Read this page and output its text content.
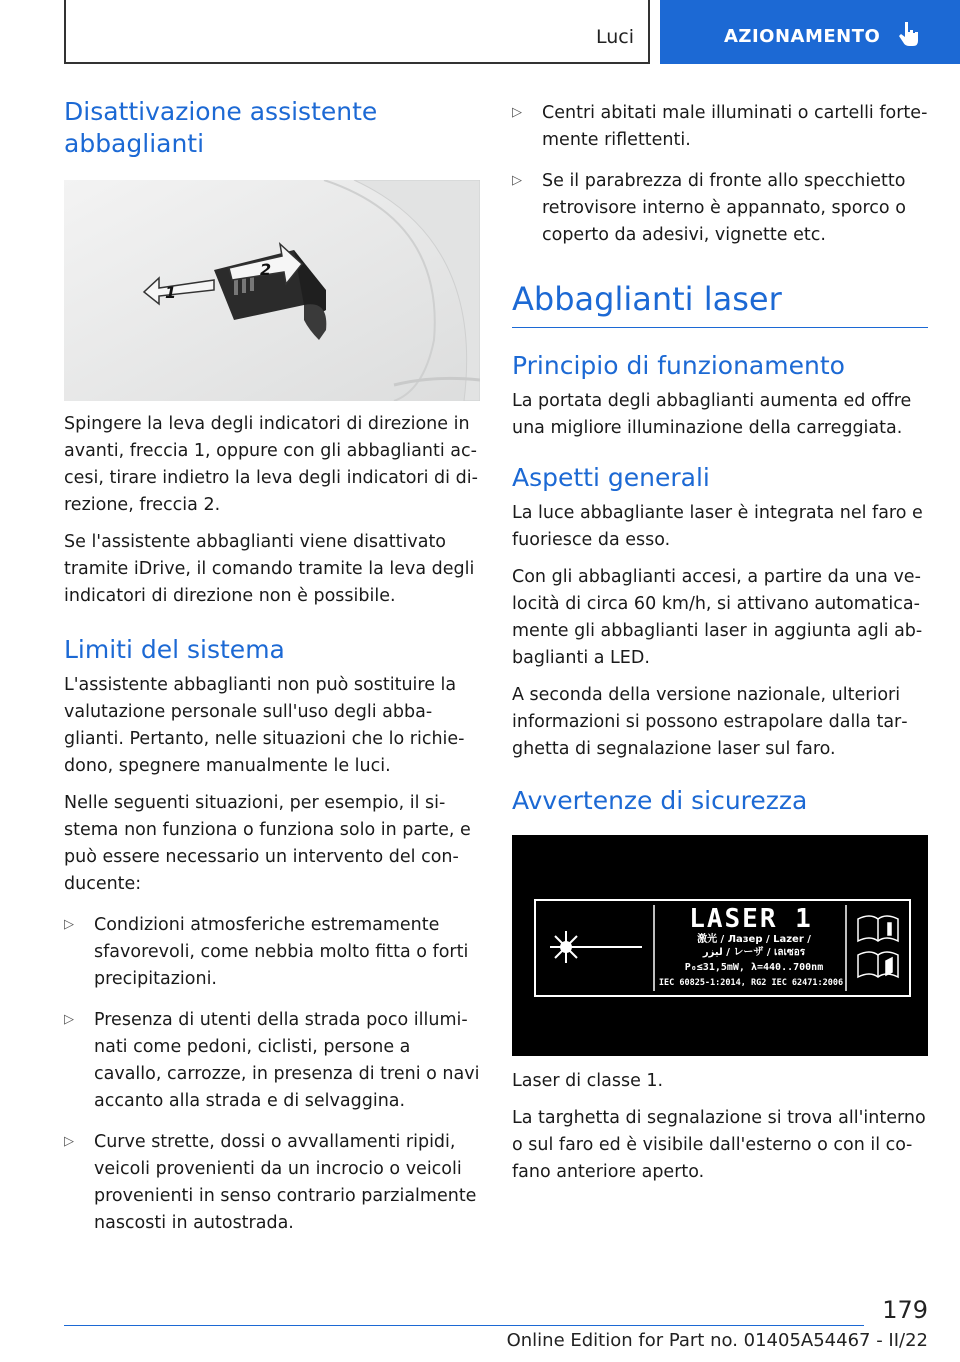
Luci	AZIONAMENTO
Disattivazione assistente abbaglianti
1
2

Spingere la leva degli indicatori di direzione in avanti, freccia 1, oppure con gli abbaglianti accesi, tirare indietro la leva degli indicatori di direzione, freccia 2.

Se l'assistente abbaglianti viene disattivato tramite iDrive, il comando tramite la leva degli indicatori di direzione non è possibile.

Limiti del sistema

L'assistente abbaglianti non può sostituire la valutazione personale sull'uso degli abbaglianti. Pertanto, nelle situazioni che lo richiedono, spegnere manualmente le luci.

Nelle seguenti situazioni, per esempio, il sistema non funziona o funziona solo in parte, e può essere necessario un intervento del conducente:

▷	Condizioni atmosferiche estremamente sfavorevoli, come nebbia molto fitta o forti precipitazioni.
▷	Presenza di utenti della strada poco illuminati come pedoni, ciclisti, persone a cavallo, carrozze, in presenza di treni o navi accanto alla strada e di selvaggina.
▷	Curve strette, dossi o avvallamenti ripidi, veicoli provenienti da un incrocio o veicoli provenienti in senso contrario parzialmente nascosti in autostrada.
▷	Centri abitati male illuminati o cartelli fortemente riflettenti.
▷	Se il parabrezza di fronte allo specchietto retrovisore interno è appannato, sporco o coperto da adesivi, vignette etc.
Abbaglianti laser
Principio di funzionamento

La portata degli abbaglianti aumenta ed offre una migliore illuminazione della carreggiata.

Aspetti generali

La luce abbagliante laser è integrata nel faro e fuoriesce da esso.

Con gli abbaglianti accesi, a partire da una velocità di circa 60 km/h, si attivano automaticamente gli abbaglianti laser in aggiunta agli abbaglianti a LED.

A seconda della versione nazionale, ulteriori informazioni si possono estrapolare dalla targhetta di segnalazione laser sul faro.

Avvertenze di sicurezza
LASER 1
激光 / Лазер / Lazer /
ليزر / レーザ / เลเซอร
P₀≤31,5mW, λ=440..700nm
IEC 60825-1:2014, RG2 IEC 62471:2006

Laser di classe 1.

La targhetta di segnalazione si trova all'interno o sul faro ed è visibile dall'esterno o con il cofano anteriore aperto.

179
Online Edition for Part no. 01405A54467 - II/22
